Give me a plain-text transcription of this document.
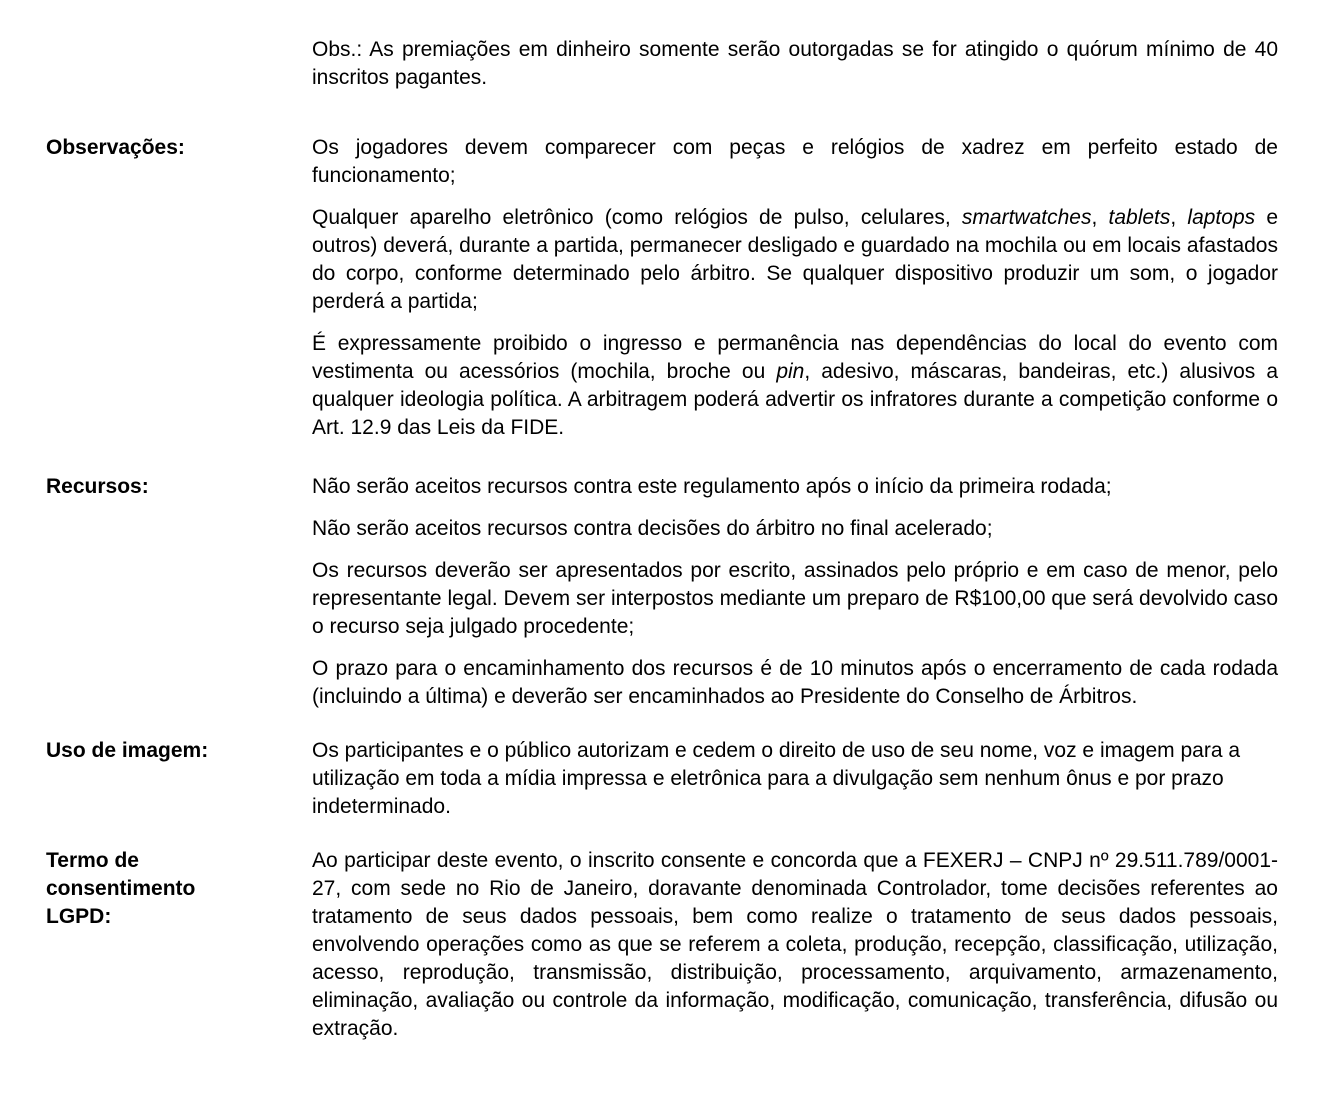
Obs.: As premiações em dinheiro somente serão outorgadas se for atingido o quórum mínimo de 40 inscritos pagantes.

Observações:	Os jogadores devem comparecer com peças e relógios de xadrez em perfeito estado de funcionamento;

Qualquer aparelho eletrônico (como relógios de pulso, celulares, smartwatches, tablets, laptops e outros) deverá, durante a partida, permanecer desligado e guardado na mochila ou em locais afastados do corpo, conforme determinado pelo árbitro. Se qualquer dispositivo produzir um som, o jogador perderá a partida;

É expressamente proibido o ingresso e permanência nas dependências do local do evento com vestimenta ou acessórios (mochila, broche ou pin, adesivo, máscaras, bandeiras, etc.) alusivos a qualquer ideologia política. A arbitragem poderá advertir os infratores durante a competição conforme o Art. 12.9 das Leis da FIDE.

Recursos:	Não serão aceitos recursos contra este regulamento após o início da primeira rodada;

Não serão aceitos recursos contra decisões do árbitro no final acelerado;

Os recursos deverão ser apresentados por escrito, assinados pelo próprio e em caso de menor, pelo representante legal. Devem ser interpostos mediante um preparo de R$100,00 que será devolvido caso o recurso seja julgado procedente;

O prazo para o encaminhamento dos recursos é de 10 minutos após o encerramento de cada rodada (incluindo a última) e deverão ser encaminhados ao Presidente do Conselho de Árbitros.

Uso de imagem:	Os participantes e o público autorizam e cedem o direito de uso de seu nome, voz e imagem para a utilização em toda a mídia impressa e eletrônica para a divulgação sem nenhum ônus e por prazo indeterminado.

Termo de
consentimento
LGPD:

Ao participar deste evento, o inscrito consente e concorda que a FEXERJ – CNPJ nº 29.511.789/0001-27, com sede no Rio de Janeiro, doravante denominada Controlador, tome decisões referentes ao tratamento de seus dados pessoais, bem como realize o tratamento de seus dados pessoais, envolvendo operações como as que se referem a coleta, produção, recepção, classificação, utilização, acesso, reprodução, transmissão, distribuição, processamento, arquivamento, armazenamento, eliminação, avaliação ou controle da informação, modificação, comunicação, transferência, difusão ou extração.
